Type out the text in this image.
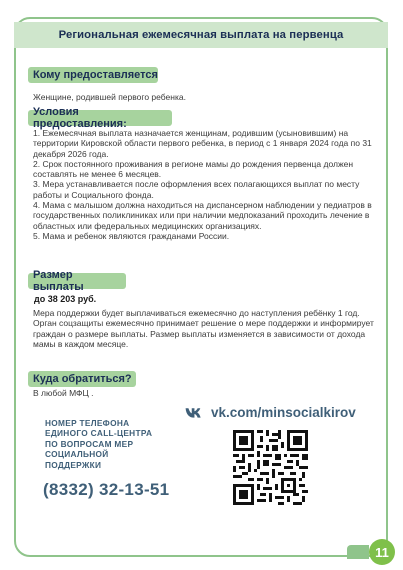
Региональная ежемесячная выплата на первенца
Кому предоставляется
Женщине, родившей первого ребенка.
Условия предоставления:

1. Ежемесячная выплата назначается женщинам, родившим (усыновившим) на территории Кировской области первого ребенка, в период с 1 января 2024 года по 31 декабря 2026 года.

2. Срок постоянного проживания в регионе мамы до рождения первенца должен составлять не менее 6 месяцев.

3. Мера устанавливается после оформления всех полагающихся выплат по месту работы и Социального фонда.

4. Мама с малышом должна находиться на диспансерном наблюдении у педиатров в государственных поликлиниках или при наличии медпоказаний проходить лечение в областных или федеральных медицинских организациях.

5. Мама и ребенок являются гражданами России.

Размер выплаты
до 38 203 руб.
Мера поддержки будет выплачиваться ежемесячно до наступления ребёнку 1 год. Орган соцзащиты ежемесячно принимает решение о мере поддержки и информирует граждан о размере выплаты. Размер выплаты изменяется в зависимости от дохода мамы в каждом месяце.
Куда обратиться?
В любой МФЦ .
НОМЕР ТЕЛЕФОНА
ЕДИНОГО CALL-ЦЕНТРА
ПО ВОПРОСАМ МЕР
СОЦИАЛЬНОЙ
ПОДДЕРЖКИ
(8332) 32-13-51
vk.com/minsocialkirov
11
